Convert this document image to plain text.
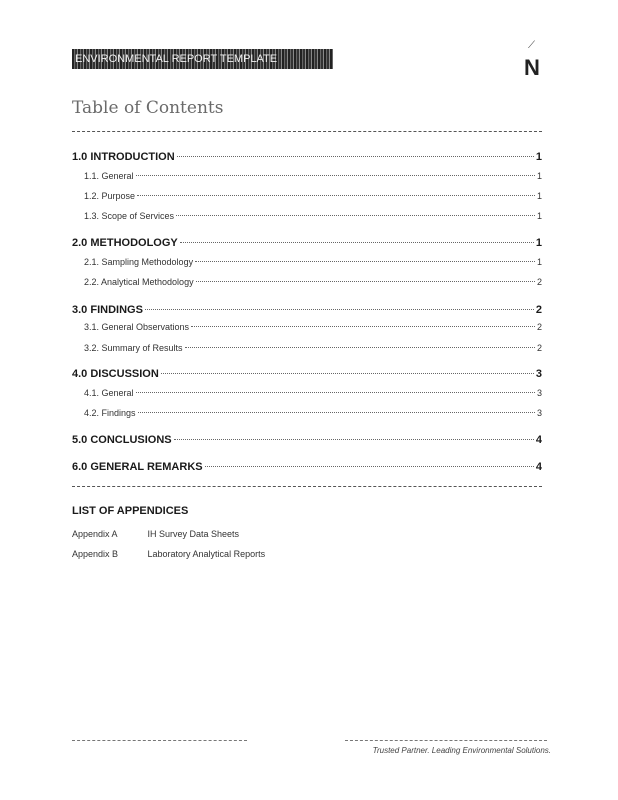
ENVIRONMENTAL REPORT TEMPLATE
⟋
N
Table of Contents
1.0 INTRODUCTION	1
1.1. General	1
1.2. Purpose	1
1.3. Scope of Services	1
2.0 METHODOLOGY	1
2.1. Sampling Methodology	1
2.2. Analytical Methodology	2
3.0 FINDINGS	2
3.1. General Observations	2
3.2. Summary of Results	2
4.0 DISCUSSION	3
4.1. General	3
4.2. Findings	3
5.0 CONCLUSIONS	4
6.0 GENERAL REMARKS	4
LIST OF APPENDICES
Appendix A	IH Survey Data Sheets
Appendix B	Laboratory Analytical Reports
Trusted Partner. Leading Environmental Solutions.
